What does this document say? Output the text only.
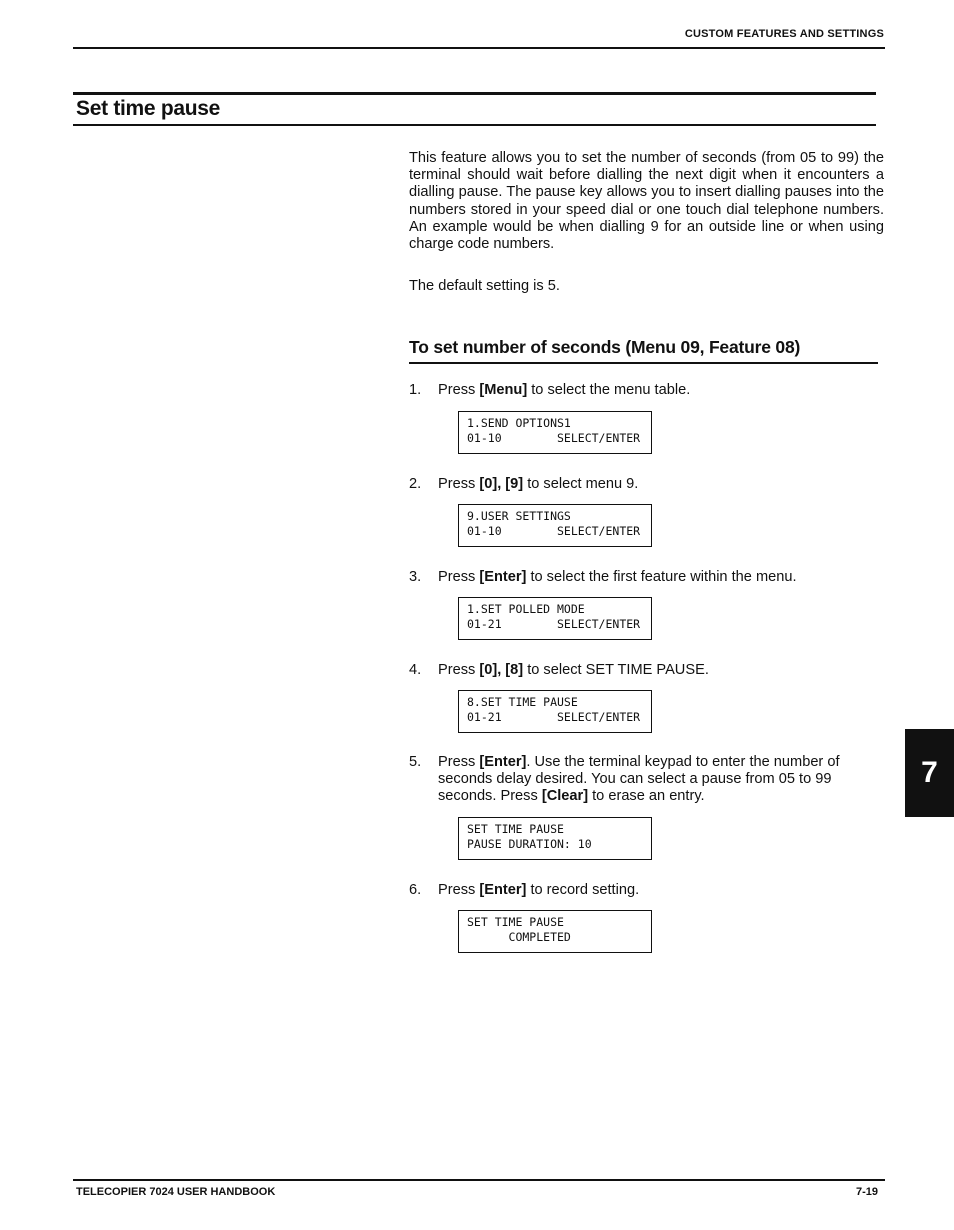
CUSTOM FEATURES AND SETTINGS
Set time pause

This feature allows you to set the number of seconds (from 05 to 99) the terminal should wait before dialling the next digit when it encounters a dialling pause. The pause key allows you to insert dialling pauses into the numbers stored in your speed dial or one touch dial telephone numbers. An example would be when dialling 9 for an outside line or when using charge code numbers.

The default setting is 5.
To set number of seconds (Menu 09, Feature 08)
1.	Press [Menu] to select the menu table.
1.SEND OPTIONS1
01-10        SELECT/ENTER
2.	Press [0], [9] to select menu 9.
9.USER SETTINGS
01-10        SELECT/ENTER
3.	Press [Enter] to select the first feature within the menu.
1.SET POLLED MODE
01-21        SELECT/ENTER
4.	Press [0], [8] to select SET TIME PAUSE.
8.SET TIME PAUSE
01-21        SELECT/ENTER
5.	Press [Enter]. Use the terminal keypad to enter the number of seconds delay desired. You can select a pause from 05 to 99 seconds. Press [Clear] to erase an entry.
SET TIME PAUSE
PAUSE DURATION: 10
6.	Press [Enter] to record setting.
SET TIME PAUSE
COMPLETED
7
TELECOPIER 7024 USER HANDBOOK	7-19
